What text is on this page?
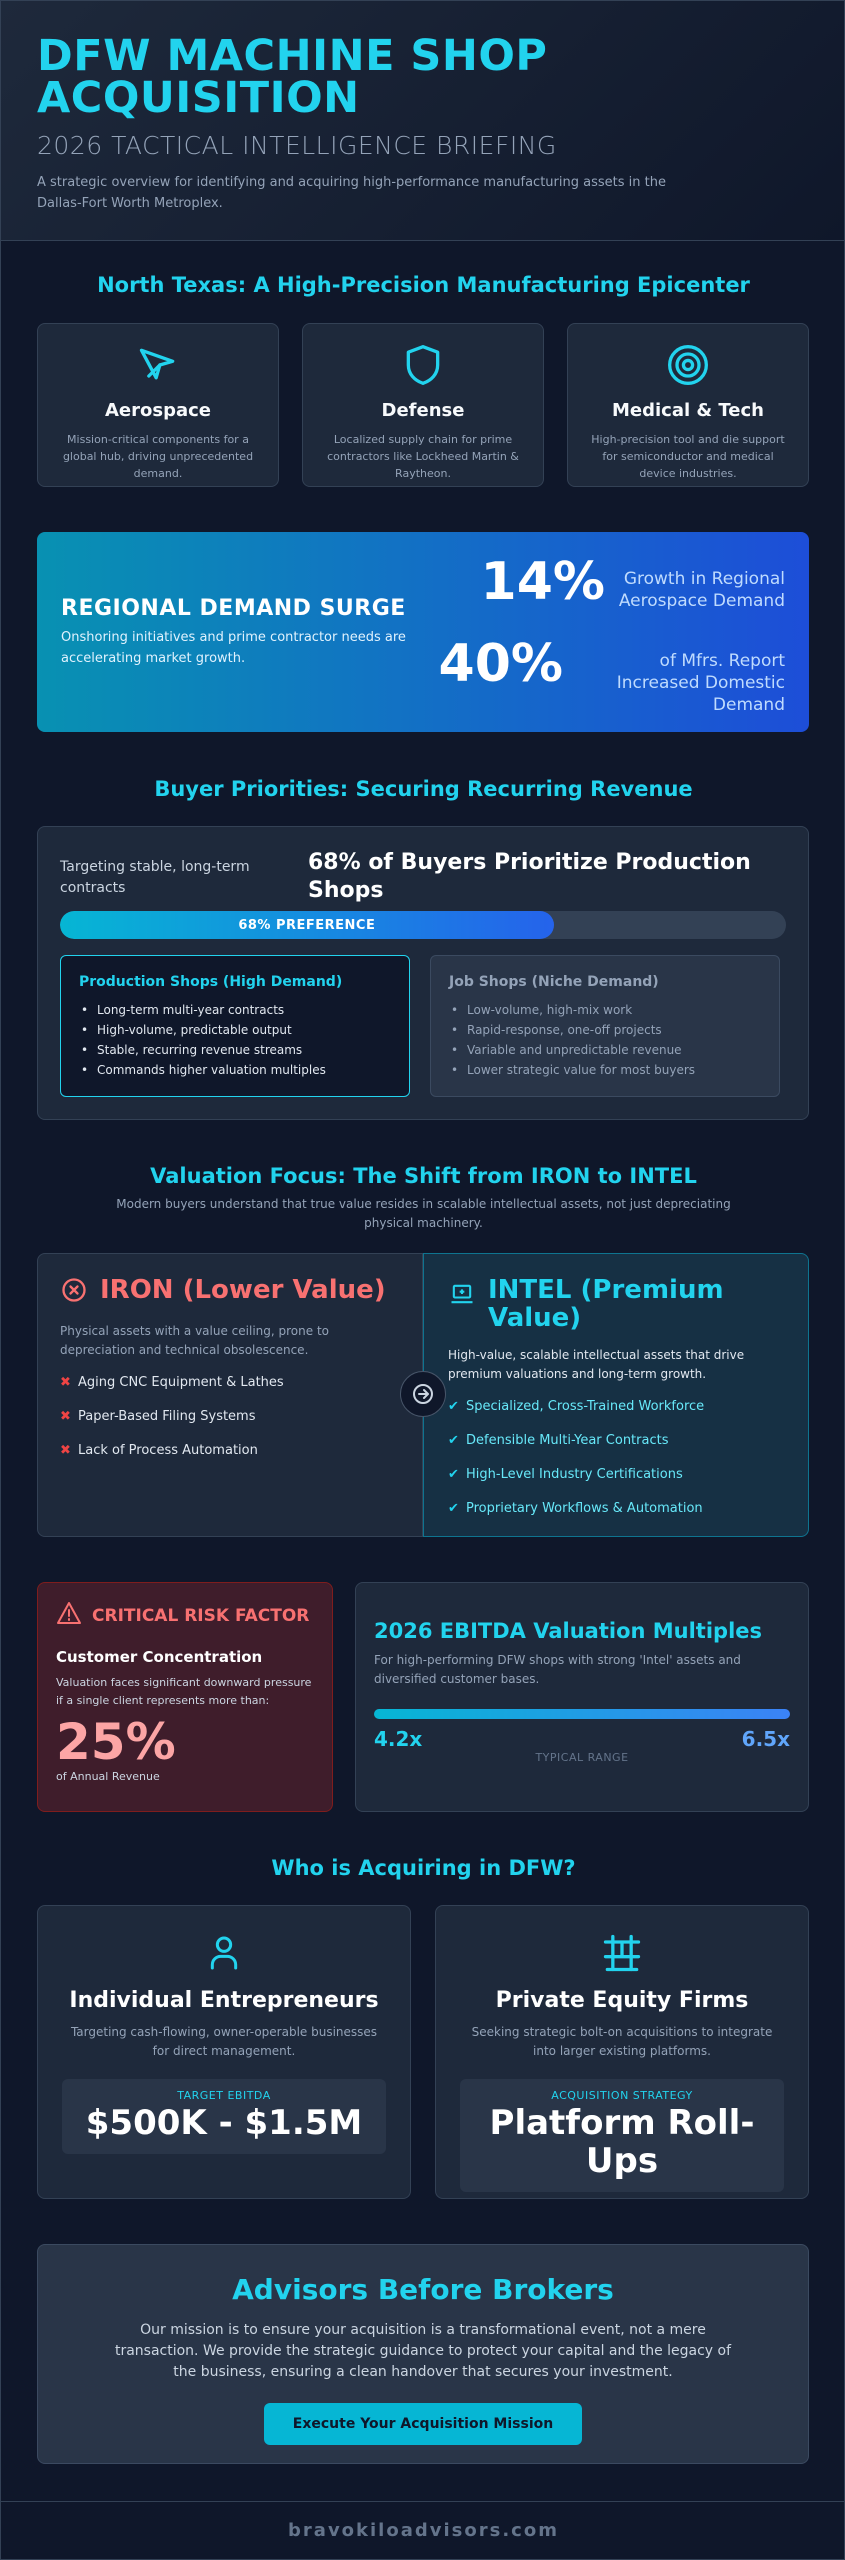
DFW MACHINE SHOP ACQUISITION
2026 TACTICAL INTELLIGENCE BRIEFING

A strategic overview for identifying and acquiring high-performance manufacturing assets in the Dallas-Fort Worth Metroplex.

North Texas: A High-Precision Manufacturing Epicenter
Aerospace

Mission-critical components for a global hub, driving unprecedented demand.

Defense

Localized supply chain for prime contractors like Lockheed Martin & Raytheon.

Medical & Tech

High-precision tool and die support for semiconductor and medical device industries.

REGIONAL DEMAND SURGE

Onshoring initiatives and prime contractor needs are accelerating market growth.

14%	Growth in Regional Aerospace Demand
40%	of Mfrs. Report Increased Domestic Demand
Buyer Priorities: Securing Recurring Revenue
Targeting stable, long-term contracts
68% of Buyers Prioritize Production Shops
68% PREFERENCE
Production Shops (High Demand)
• Long-term multi-year contracts
• High-volume, predictable output
• Stable, recurring revenue streams
• Commands higher valuation multiples
Job Shops (Niche Demand)
• Low-volume, high-mix work
• Rapid-response, one-off projects
• Variable and unpredictable revenue
• Lower strategic value for most buyers
Valuation Focus: The Shift from IRON to INTEL
Modern buyers understand that true value resides in scalable intellectual assets, not just depreciating physical machinery.
IRON (Lower Value)

Physical assets with a value ceiling, prone to depreciation and technical obsolescence.

✖ Aging CNC Equipment & Lathes
✖ Paper-Based Filing Systems
✖ Lack of Process Automation
INTEL (Premium Value)

High-value, scalable intellectual assets that drive premium valuations and long-term growth.

✔ Specialized, Cross-Trained Workforce
✔ Defensible Multi-Year Contracts
✔ High-Level Industry Certifications
✔ Proprietary Workflows & Automation
CRITICAL RISK FACTOR
Customer Concentration

Valuation faces significant downward pressure if a single client represents more than:

25%
of Annual Revenue
2026 EBITDA Valuation Multiples

For high-performing DFW shops with strong 'Intel' assets and diversified customer bases.

4.2x	6.5x
TYPICAL RANGE
Who is Acquiring in DFW?
Individual Entrepreneurs

Targeting cash-flowing, owner-operable businesses for direct management.

TARGET EBITDA
$500K - $1.5M
Private Equity Firms

Seeking strategic bolt-on acquisitions to integrate into larger existing platforms.

ACQUISITION STRATEGY
Platform Roll-Ups
Advisors Before Brokers

Our mission is to ensure your acquisition is a transformational event, not a mere transaction. We provide the strategic guidance to protect your capital and the legacy of the business, ensuring a clean handover that secures your investment.

Execute Your Acquisition Mission
bravokiloadvisors.com
